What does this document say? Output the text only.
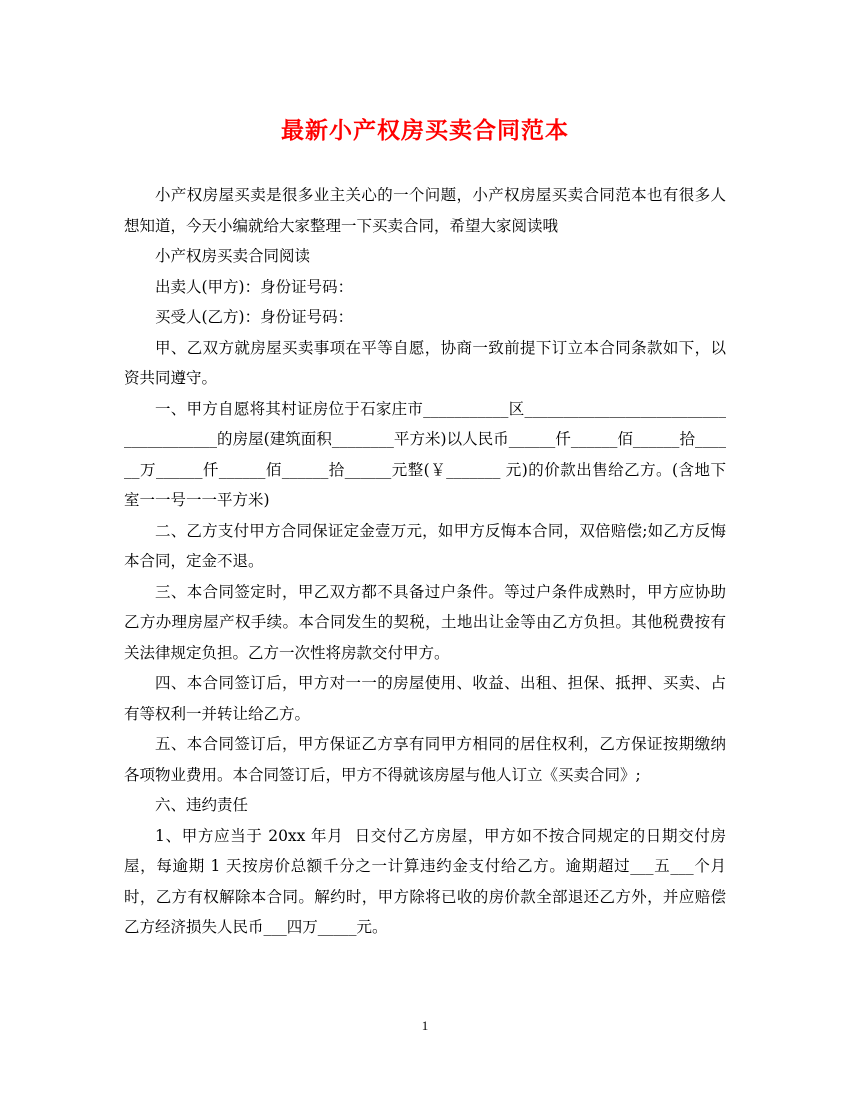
最新小产权房买卖合同范本

小产权房屋买卖是很多业主关心的一个问题，小产权房屋买卖合同范本也有很多人想知道，今天小编就给大家整理一下买卖合同，希望大家阅读哦

小产权房买卖合同阅读

出卖人(甲方)：身份证号码：

买受人(乙方)：身份证号码：

甲、乙双方就房屋买卖事项在平等自愿，协商一致前提下订立本合同条款如下，以资共同遵守。

一、甲方自愿将其村证房位于石家庄市___________区______________________________________的房屋(建筑面积________平方米)以人民币______仟______佰______拾______万______仟______佰______拾______元整(￥_______ 元)的价款出售给乙方。(含地下室一一号一一平方米)

二、乙方支付甲方合同保证定金壹万元，如甲方反悔本合同，双倍赔偿;如乙方反悔本合同，定金不退。

三、本合同签定时，甲乙双方都不具备过户条件。等过户条件成熟时，甲方应协助乙方办理房屋产权手续。本合同发生的契税，土地出让金等由乙方负担。其他税费按有关法律规定负担。乙方一次性将房款交付甲方。

四、本合同签订后，甲方对一一的房屋使用、收益、出租、担保、抵押、买卖、占有等权利一并转让给乙方。

五、本合同签订后，甲方保证乙方享有同甲方相同的居住权利，乙方保证按期缴纳各项物业费用。本合同签订后，甲方不得就该房屋与他人订立《买卖合同》;

六、违约责任

1、甲方应当于 20xx 年月  日交付乙方房屋，甲方如不按合同规定的日期交付房屋，每逾期 1 天按房价总额千分之一计算违约金支付给乙方。逾期超过___五___个月时，乙方有权解除本合同。解约时，甲方除将已收的房价款全部退还乙方外，并应赔偿乙方经济损失人民币___四万_____元。

1
